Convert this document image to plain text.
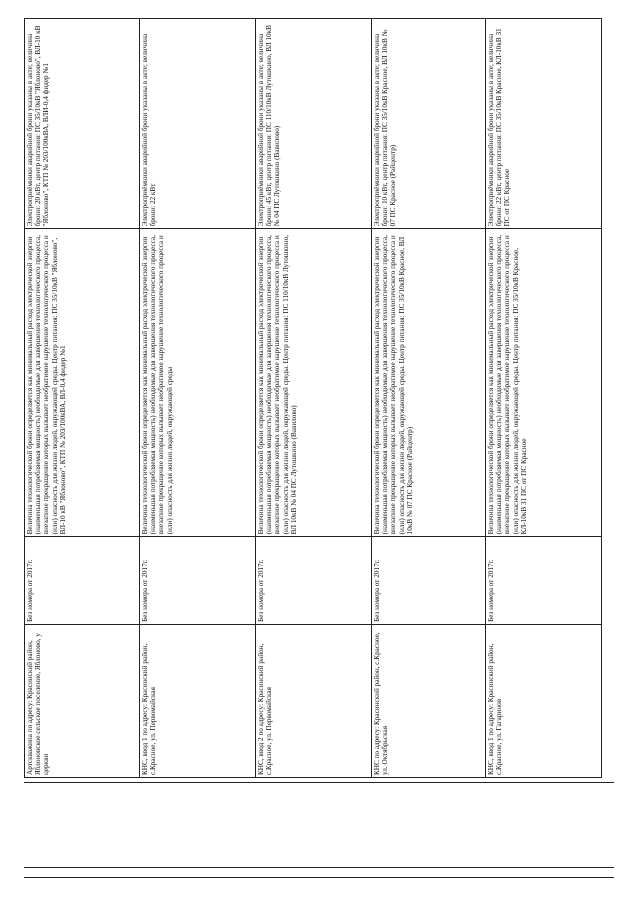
Артскважина по адресу: Красинский район, Яблоновское сельское поселение, Яблоново, у церкви	Без номера от 2017г.	Величина технологической брони определяется как минимальный расход электрической энергии (наименьшая потребляемая мощность) необходимые для завершения технологического процесса, внезапное прекращение которых вызывает необратимое нарушение технологического процесса и (или) опасность для жизни людей, окружающей среды. Центр питания: ПС 35/10кВ "Яблоново", ВЛ-10 кВ "Яблоново", КТП № 203/100кВА, ВЛ-0,4 фидер №1	Электроприёмники аварийной брони указаны в акте; величина брони: 20 кВт, центр питания: ПС 35/10кВ "Яблоново", ВЛ-10 кВ "Яблоново", КТП № 203/100кВА, ВЛИ-0,4 фидер №1
КНС, ввод 1 по адресу: Красинский район, с.Красное, ул. Первомайская	Без номера от 2017г.	Величина технологической брони определяется как минимальный расход электрической энергии (наименьшая потребляемая мощность) необходимые для завершения технологического процесса, внезапное прекращение которых вызывает необратимое нарушение технологического процесса и (или) опасность для жизни людей, окружающей среды	Электроприёмники аварийной брони указаны в акте; величина брони: 22 кВт
КНС, ввод 2 по адресу: Красинский район, с.Красное, ул. Первомайская	Без номера от 2017г.	Величина технологической брони определяется как минимальный расход электрической энергии (наименьшая потребляемая мощность) необходимые для завершения технологического процесса, внезапное прекращение которых вызывает необратимое нарушение технологического процесса и (или) опасность для жизни людей, окружающей среды. Центр питания: ПС 110/10кВ Лутошкино, ВЛ 10кВ № 04 ПС Лутошкино (Вавилово)	Электроприёмники аварийной брони указаны в акте; величина брони: 45 кВт, центр питания: ПС 110/10кВ Лутошкино, ВЛ 10кВ № 04 ПС Лутошкино (Вавилово)
КНС по адресу: Красинский район, с.Красное, ул. Октябрьская	Без номера от 2017г.	Величина технологической брони определяется как минимальный расход электрической энергии (наименьшая потребляемая мощность) необходимые для завершения технологического процесса, внезапное прекращение которых вызывает необратимое нарушение технологического процесса и (или) опасность для жизни людей, окружающей среды. Центр питания: ПС 35/10кВ Красное, ВЛ 10кВ № 07 ПС Красное (Райцентр)	Электроприёмники аварийной брони указаны в акте; величина брони: 10 кВт, центр питания: ПС 35/10кВ Красное, ВЛ 10кВ № 07 ПС Красное (Райцентр)
КНС, ввод 1 по адресу: Красинский район, с.Красное, ул. Гагаринов	Без номера от 2017г.	Величина технологической брони определяется как минимальный расход электрической энергии (наименьшая потребляемая мощность) необходимые для завершения технологического процесса, внезапное прекращение которых вызывает необратимое нарушение технологического процесса и (или) опасность для жизни людей, окружающей среды. Центр питания: ПС 35/10кВ Красное, КЛ-10кВ 31 ПС от ПС Красное	Электроприёмники аварийной брони указаны в акте; величина брони: 22 кВт, центр питания: ПС 35/10кВ Красное, КЛ-10кВ 31 ПС от ПС Красное
